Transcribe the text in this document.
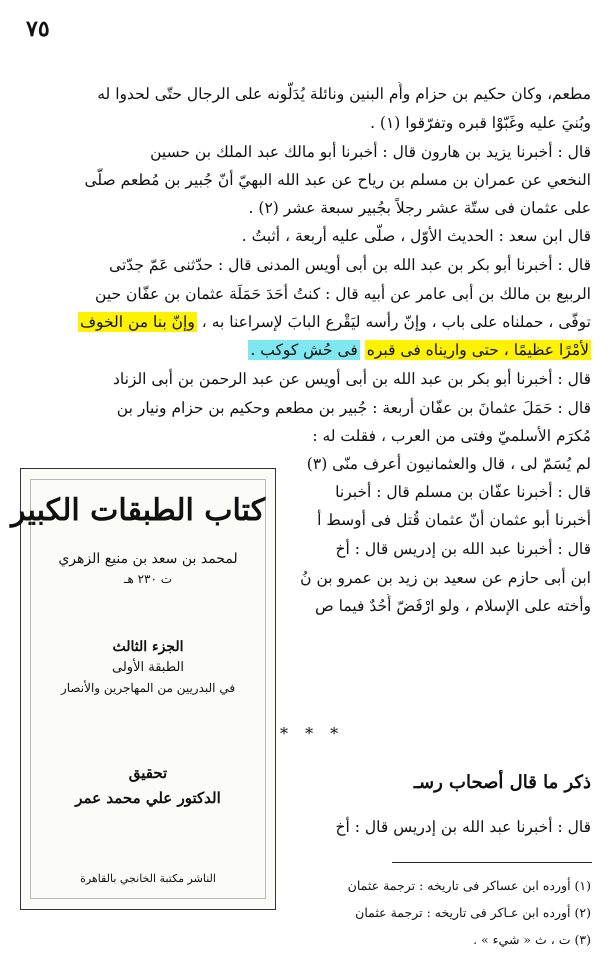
٧٥
مطعم، وكان حكيم بن حزام وأُم البنين ونائلة يُدَلّونه على الرجال حتّى لحدوا له
وبُنيَ عليه وغَبّوْا قبره وتفرّقوا (١) .
قال : أخبرنا يزيد بن هارون قال : أخبرنا أبو مالك عبد الملك بن حسين
النخعي عن عمران بن مسلم بن رياح عن عبد الله البهيّ أنّ جُبير بن مُطعم صلّى
على عثمان فى ستّة عشر رجلاً بجُبير سبعة عشر (٢) .
قال ابن سعد : الحديث الأوّل ، صلّى عليه أربعة ، أثبتُ .
قال : أخبرنا أبو بكر بن عبد الله بن أبى أويس المدنى قال : حدّثنى عَمّ جدّتى
الربيع بن مالك بن أبى عامر عن أبيه قال : كنتُ أحَدَ حَمَلَة عثمان بن عفّان حين
توفّى ، حملناه على باب ، وإنّ رأسه ليَقْرع البابَ لإسراعنا به ، وإنّ بنا من الخوف
لأمْرًا عظيمًا ، حتى واريناه فى قبره فى حُش كوكب .
قال : أخبرنا أبو بكر بن عبد الله بن أبى أويس عن عبد الرحمن بن أبى الزناد
قال : حَمَلَ عثمانَ بن عفّان أربعة : جُبير بن مطعم وحكيم بن حزام ونيار بن
مُكرَم الأسلميّ وفتى من العرب ، فقلت له :
لم يُسَمّ لى ، قال والعثمانيون أعرف منّى (٣)
قال : أخبرنا عفّان بن مسلم قال : أخبرنا
أخبرنا أبو عثمان أنّ عثمان قُتل فى أوسط أ
قال : أخبرنا عبد الله بن إدريس قال : أخ
ابن أبى حازم عن سعيد بن زيد بن عمرو بن نُ
وأخته على الإسلام ، ولو ارْفَضّ أُحُدٌ فيما ص
* * *
ذكر ما قال أصحاب رسـ
قال : أخبرنا عبد الله بن إدريس قال : أخ
(١) أورده ابن عساكر فى تاريخه : ترجمة عثمان
(٢) أورده ابن عـاكر فى تاريخه : ترجمة عثمان
(٣) ت ، ث « شيء » .
كتاب الطبقات الكبير
لمحمد بن سعد بن منيع الزهري
ت ٢٣٠ هـ
الجزء الثالث
الطبقة الأولى
في البدريين من المهاجرين والأنصار
تحقيق
الدكتور علي محمد عمر
الناشر مكتبة الخانجي بالقاهرة
